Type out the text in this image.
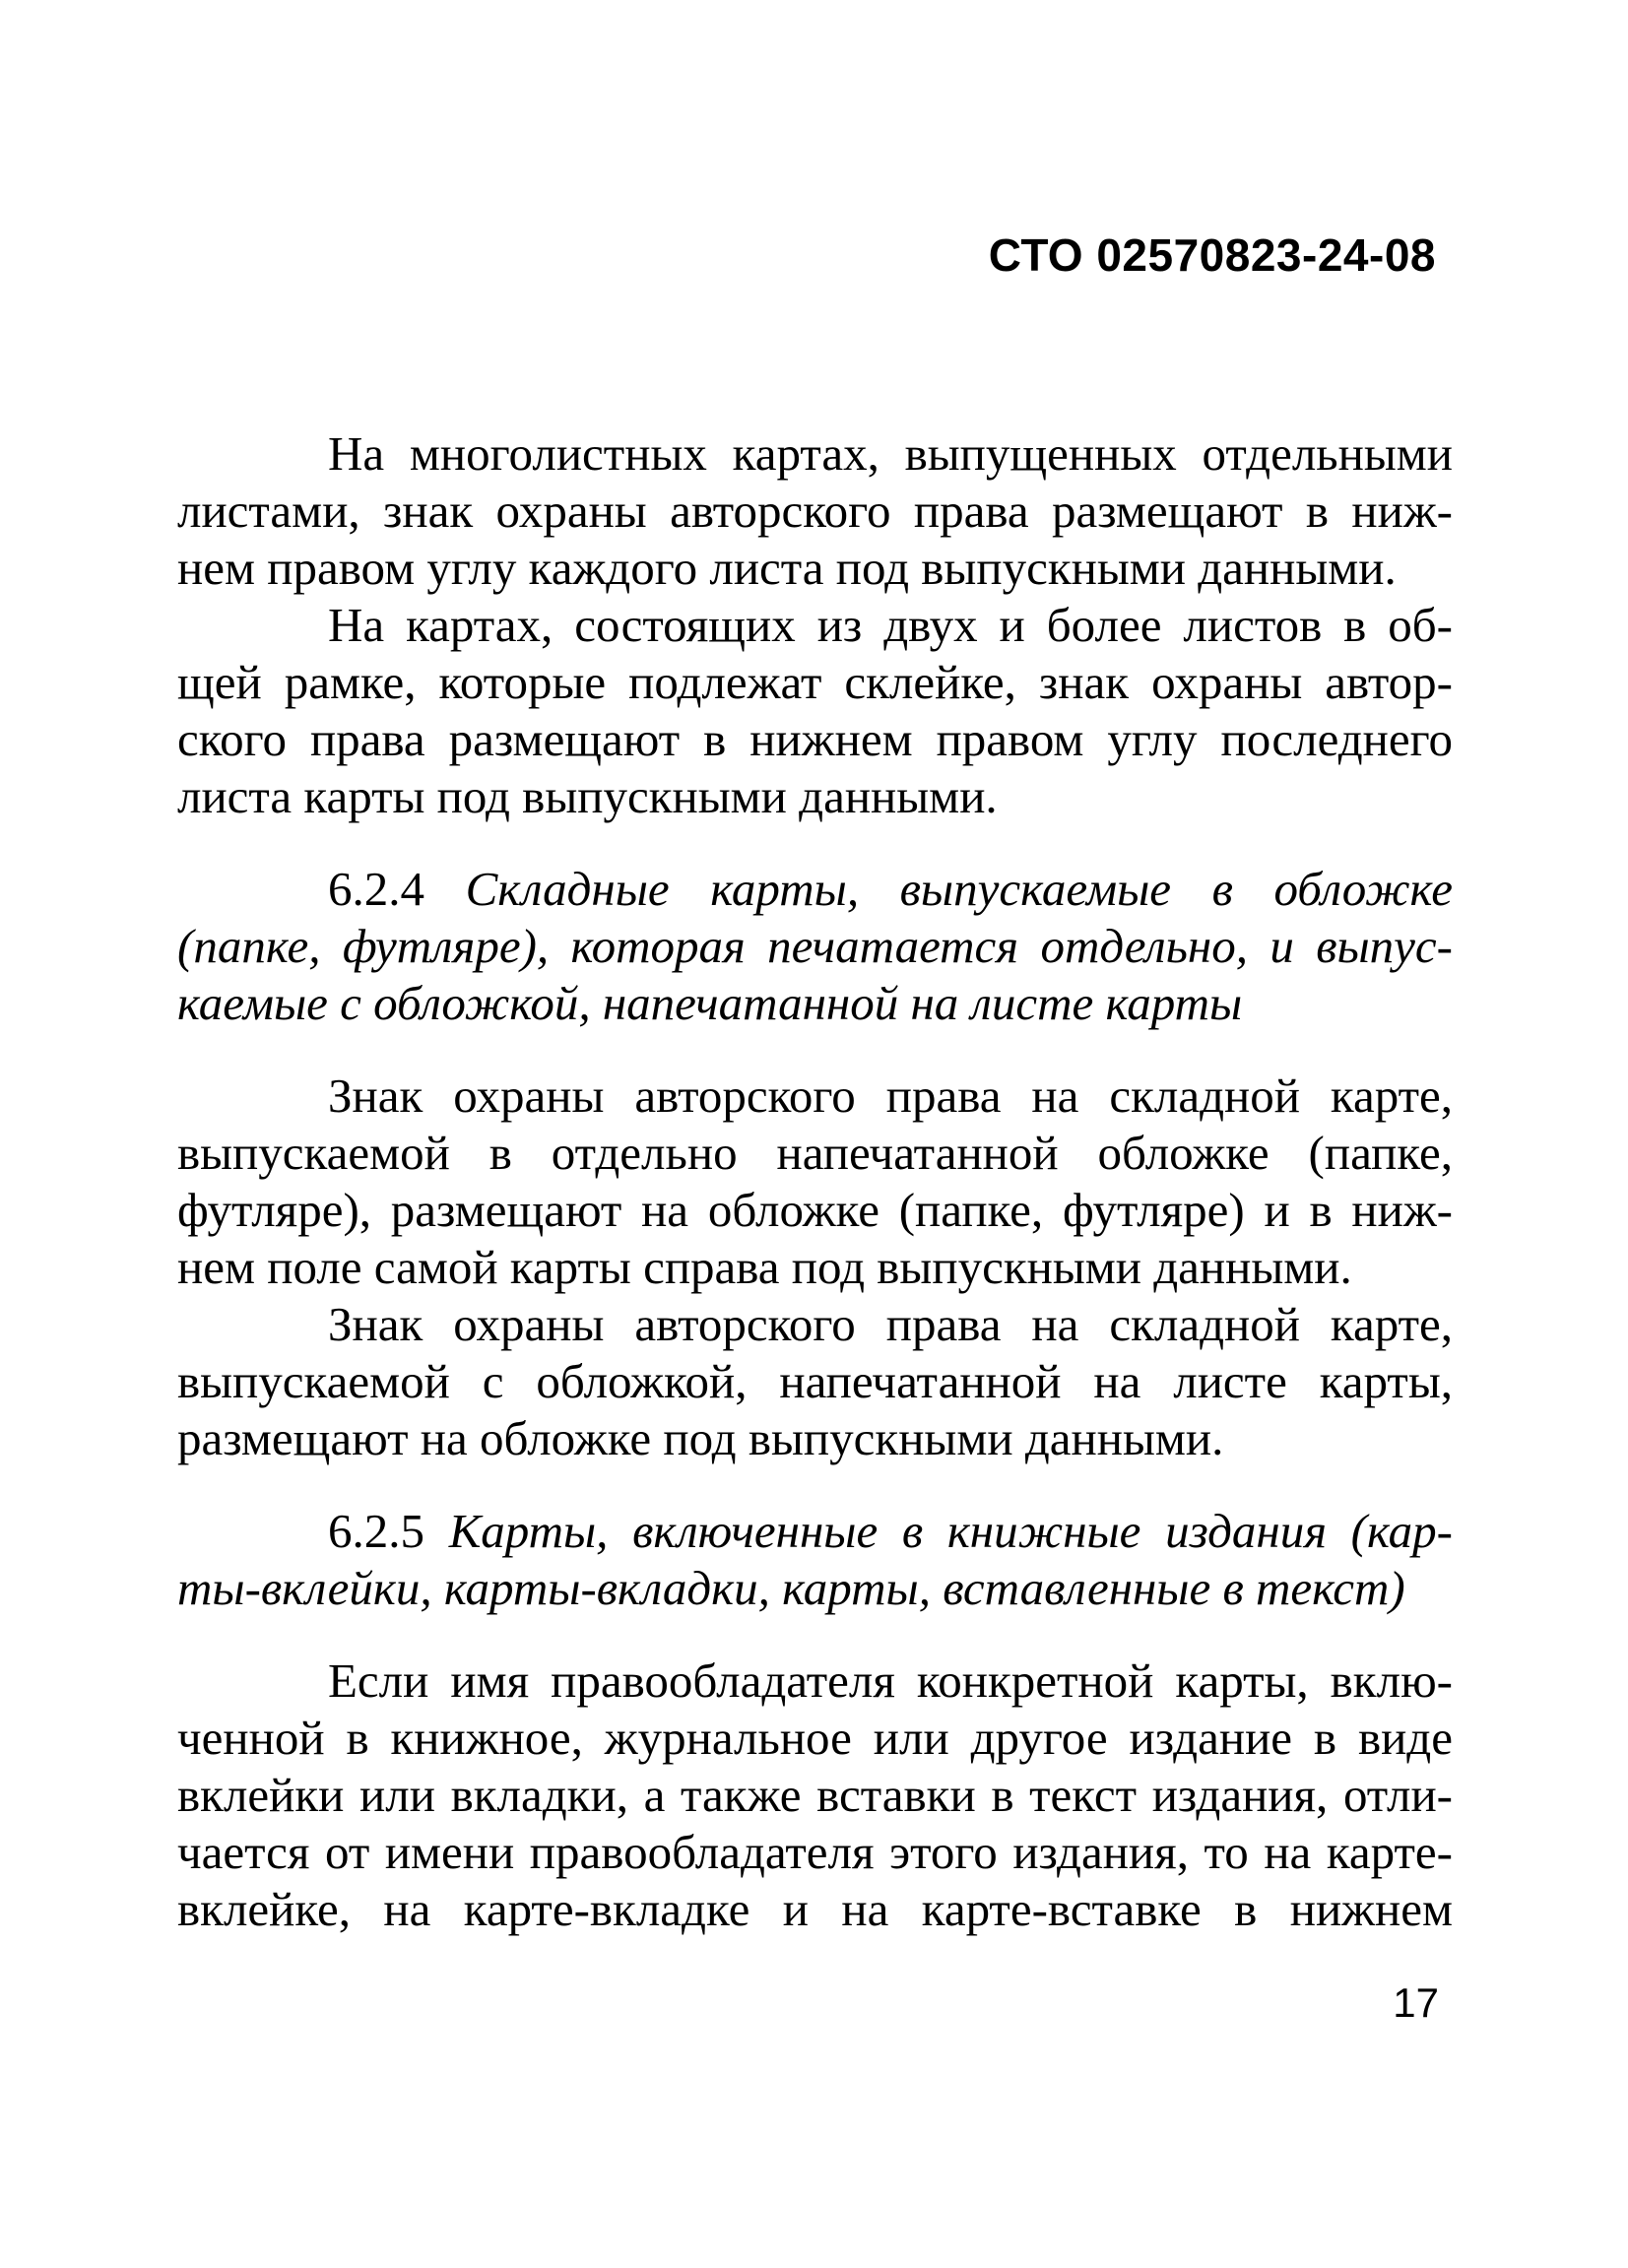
СТО 02570823-24-08
На многолистных картах, выпущенных отдельными
листами, знак охраны авторского права размещают в ниж-
нем правом углу каждого листа под выпускными данными.
На картах, состоящих из двух и более листов в об-
щей рамке, которые подлежат склейке, знак охраны автор-
ского права размещают в нижнем правом углу последнего
листа карты под выпускными данными.
6.2.4 Складные карты, выпускаемые в обложке
(папке, футляре), которая печатается отдельно, и выпус-
каемые с обложкой, напечатанной на листе карты
Знак охраны авторского права на складной карте,
выпускаемой в отдельно напечатанной обложке (папке,
футляре), размещают на обложке (папке, футляре) и в ниж-
нем поле самой карты справа под выпускными данными.
Знак охраны авторского права на складной карте,
выпускаемой с обложкой, напечатанной на листе карты,
размещают на обложке под выпускными данными.
6.2.5 Карты, включенные в книжные издания (кар-
ты-вклейки, карты-вкладки, карты, вставленные в текст)
Если имя правообладателя конкретной карты, вклю-
ченной в книжное, журнальное или другое издание в виде
вклейки или вкладки, а также вставки в текст издания, отли-
чается от имени правообладателя этого издания, то на карте-
вклейке, на карте-вкладке и на карте-вставке в нижнем
17
